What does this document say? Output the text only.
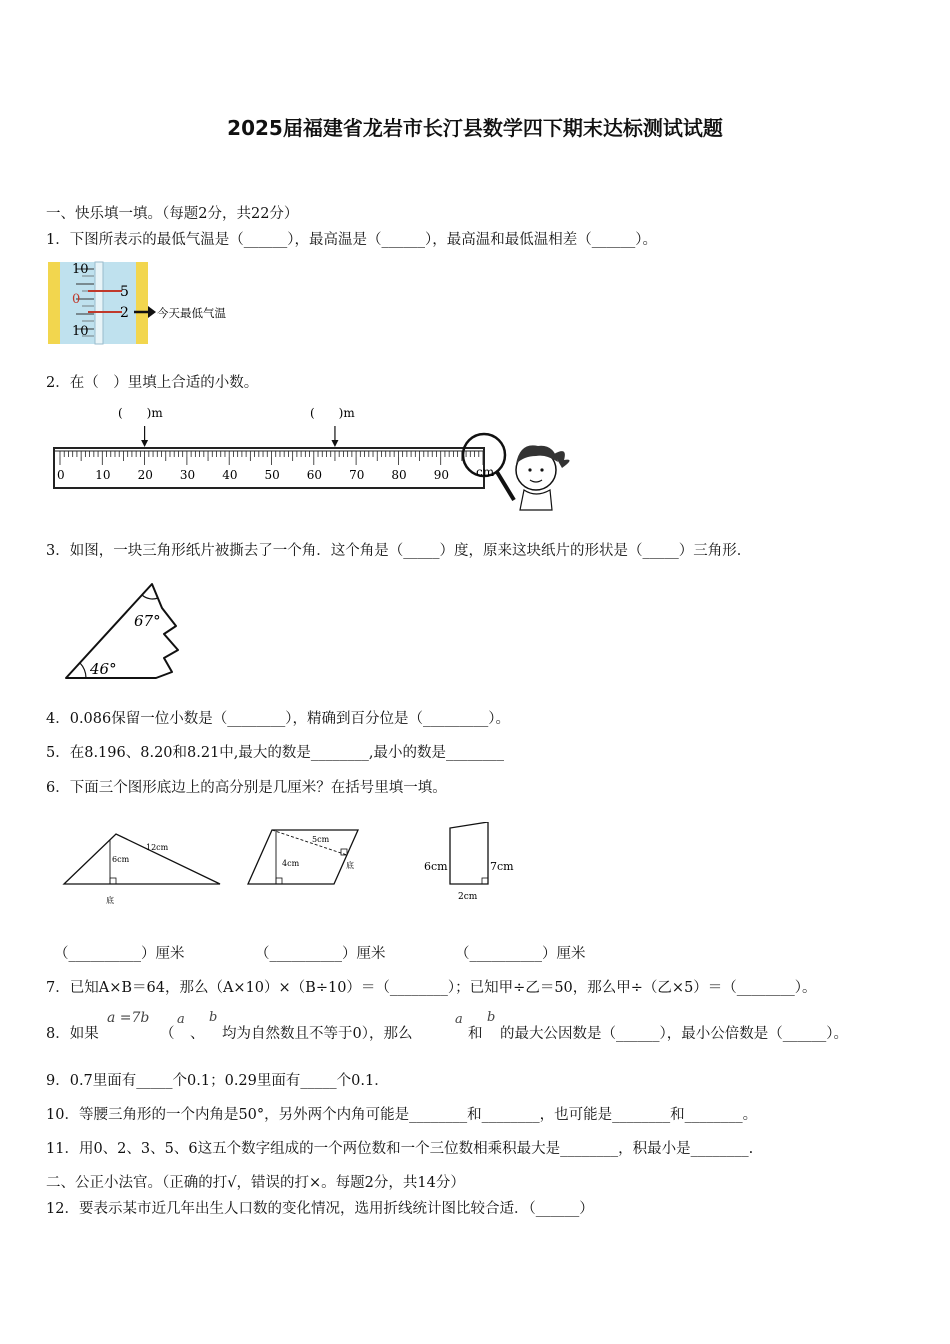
2025届福建省龙岩市长汀县数学四下期末达标测试试题
一、快乐填一填。（每题2分，共22分）
1．下图所表示的最低气温是（______），最高温是（______），最高温和最低温相差（______）。
10
5
0
2
10
今天最低气温
2．在（　）里填上合适的小数。
(　　)m	(　　)m
0	10 20 30 40 50 60 70 80 90 cm
3．如图，一块三角形纸片被撕去了一个角．这个角是（_____）度，原来这块纸片的形状是（_____）三角形．
67°
46°
4．0.086保留一位小数是（________），精确到百分位是（_________）。
5．在8.196、8.20和8.21中,最大的数是________,最小的数是________
6．下面三个图形底边上的高分别是几厘米？在括号里填一填。
12cm
6cm
底
5cm
4cm	底	6cm	7cm
2cm
（__________）厘米	（__________）厘米	（__________）厘米
7．已知A×B＝64，那么（A×10）×（B÷10）＝（________）；已知甲÷乙＝50，那么甲÷（乙×5）＝（________）。
8．如果
a =7b
（
a
、
b
均为自然数且不等于0），那么
a
和
b
的最大公因数是（______），最小公倍数是（______）。
9．0.7里面有_____个0.1；0.29里面有_____个0.1．
10．等腰三角形的一个内角是50°，另外两个内角可能是________和________，也可能是________和________。
11．用0、2、3、5、6这五个数字组成的一个两位数和一个三位数相乘积最大是________，积最小是________.
二、公正小法官。（正确的打√，错误的打×。每题2分，共14分）
12．要表示某市近几年出生人口数的变化情况，选用折线统计图比较合适．（______）
